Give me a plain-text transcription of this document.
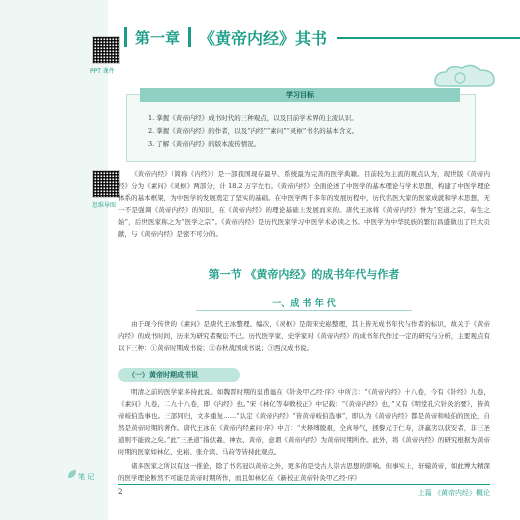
第一章 《黄帝内经》其书
PPT 课件
学习目标
1. 掌握《黄帝内经》成书时代的三种观点，以及目前学术界的主流认识。
2. 掌握《黄帝内经》的作者，以及“内经”“素问”“灵枢”书名的基本含义。
3. 了解《黄帝内经》的版本流传情况。
思维导图
《黄帝内经》（简称《内经》）是一部我国现存最早、系统最为完善的医学典籍。目前较为主流的观点认为，现世版《黄帝内经》分为《素问》《灵枢》两部分，计 18.2 万字左右。《黄帝内经》全面论述了中医学的基本理论与学术思想，构建了中医学理论体系的基本框架，为中医学的发展奠定了坚实的基础。在中医学两千多年的发展历程中，历代名医大家的医家成就和学术思想，无一不是强调《黄帝内经》的知识，在《黄帝内经》的理论基础上发展而来的。唐代王冰将《黄帝内经》誉为“至道之宗，奉生之始”，后世医家称之为“医学之宗”。《黄帝内经》是历代医家学习中医学术必读之书。中医学为中华民族的繁衍昌盛做出了巨大贡献，与《黄帝内经》是密不可分的。
第一节 《黄帝内经》的成书年代与作者
一、成 书 年 代
由于现今传世的《素问》是唐代王冰整理、编次，《灵枢》是南宋史崧整理，其上皆无成书年代与作者的标识，故关于《黄帝内经》的成书时间，历来为研究者聚讼不已。历代医学家、史学家对《黄帝内经》的成书年代作过一定的研究与分析，主要观点有以下三种：①黄帝时期成书说；②春秋战国成书说；③西汉成书说。
（一）黄帝时期成书说
明清之前的医学家多持此说。如魏晋时期的皇甫谧在《针灸甲乙经·序》中所言：“《黄帝内经》十八卷，今有《针经》九卷，《素问》九卷，二九十八卷，即《内经》也。”宋《林亿等奉敕校正》中记载：“《黄帝内经》也，”又有《明堂孔穴针灸治要》，皆黄帝岐伯选事也。三部同归，文多重复……”认定《黄帝内经》“皆黄帝岐伯选事”，即认为《黄帝内经》都是黄帝和岐伯的医论，自然是黄帝时期的著作。唐代王冰在《黄帝内经素问·序》中言：“夫释缚脱艰，全真导气，拯黎元于仁寿，济羸劣以获安者，非三圣道则不能致之矣。”此“三圣道”指伏羲、神农、黄帝，意谓《黄帝内经》为黄帝时期所作。此外，将《黄帝内经》的研究根据为黄帝时期的医家如林亿、史崧、张介宾、马莳等皆持此观点。
诸多医家之所以有这一推论，除了书名冠以黄帝之外，更多的是受古人崇古思想的影响。但事实上，轩辕黄帝，如此博大精深的医学理论断然不可能是黄帝时期所作，而且如林亿在《新校正黄帝针灸甲乙经·序》
笔 记
2	上篇 《黄帝内经》概论
